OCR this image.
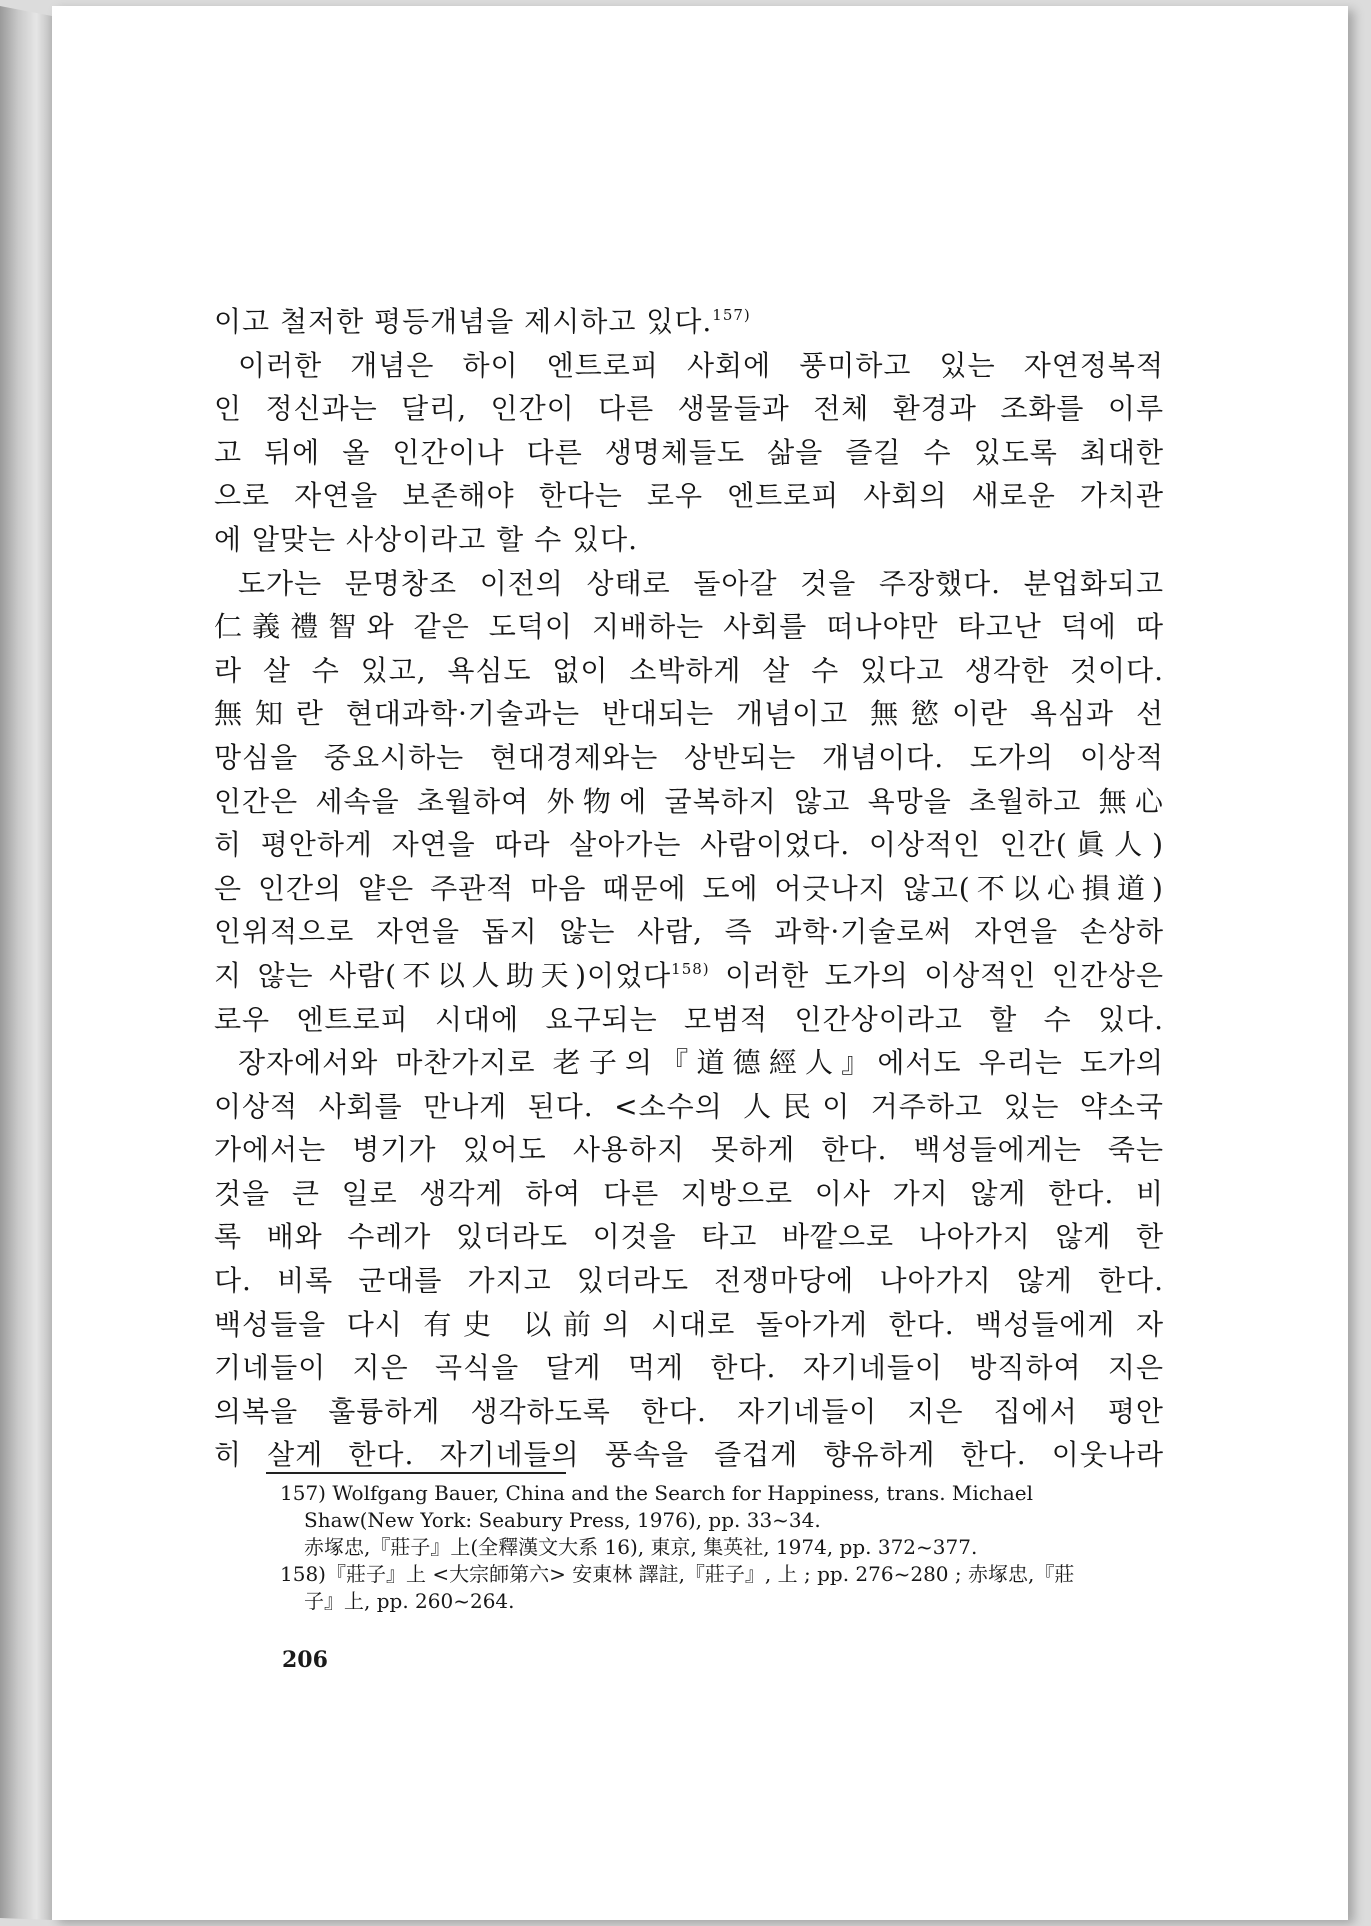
이고 철저한 평등개념을 제시하고 있다.$^{157)}$
이러한 개념은 하이 엔트로피 사회에 풍미하고 있는 자연정복적
인 정신과는 달리, 인간이 다른 생물들과 전체 환경과 조화를 이루
고 뒤에 올 인간이나 다른 생명체들도 삶을 즐길 수 있도록 최대한
으로 자연을 보존해야 한다는 로우 엔트로피 사회의 새로운 가치관
에 알맞는 사상이라고 할 수 있다.
도가는 문명창조 이전의 상태로 돌아갈 것을 주장했다. 분업화되고
仁義禮智와 같은 도덕이 지배하는 사회를 떠나야만 타고난 덕에 따
라 살 수 있고, 욕심도 없이 소박하게 살 수 있다고 생각한 것이다.
無知란 현대과학·기술과는 반대되는 개념이고 無慾이란 욕심과 선
망심을 중요시하는 현대경제와는 상반되는 개념이다. 도가의 이상적
인간은 세속을 초월하여 外物에 굴복하지 않고 욕망을 초월하고 無心
히 평안하게 자연을 따라 살아가는 사람이었다. 이상적인 인간(眞人)
은 인간의 얕은 주관적 마음 때문에 도에 어긋나지 않고(不以心損道)
인위적으로 자연을 돕지 않는 사람, 즉 과학·기술로써 자연을 손상하
지 않는 사람(不以人助天)이었다$^{158)}$ 이러한 도가의 이상적인 인간상은
로우 엔트로피 시대에 요구되는 모범적 인간상이라고 할 수 있다.
장자에서와 마찬가지로 老子의『道德經人』에서도 우리는 도가의
이상적 사회를 만나게 된다. <소수의 人民이 거주하고 있는 약소국
가에서는 병기가 있어도 사용하지 못하게 한다. 백성들에게는 죽는
것을 큰 일로 생각게 하여 다른 지방으로 이사 가지 않게 한다. 비
록 배와 수레가 있더라도 이것을 타고 바깥으로 나아가지 않게 한
다. 비록 군대를 가지고 있더라도 전쟁마당에 나아가지 않게 한다.
백성들을 다시 有史 以前의 시대로 돌아가게 한다. 백성들에게 자
기네들이 지은 곡식을 달게 먹게 한다. 자기네들이 방직하여 지은
의복을 훌륭하게 생각하도록 한다. 자기네들이 지은 집에서 평안
히 살게 한다. 자기네들의 풍속을 즐겁게 향유하게 한다. 이웃나라
157) Wolfgang Bauer, China and the Search for Happiness, trans. Michael
Shaw(New York: Seabury Press, 1976), pp. 33~34.
赤塚忠,『莊子』上(全釋漢文大系 16), 東京, 集英社, 1974, pp. 372~377.
158)『莊子』上 <大宗師第六> 安東林 譯註,『莊子』, 上 ; pp. 276~280 ; 赤塚忠,『莊
子』上, pp. 260~264.
206
